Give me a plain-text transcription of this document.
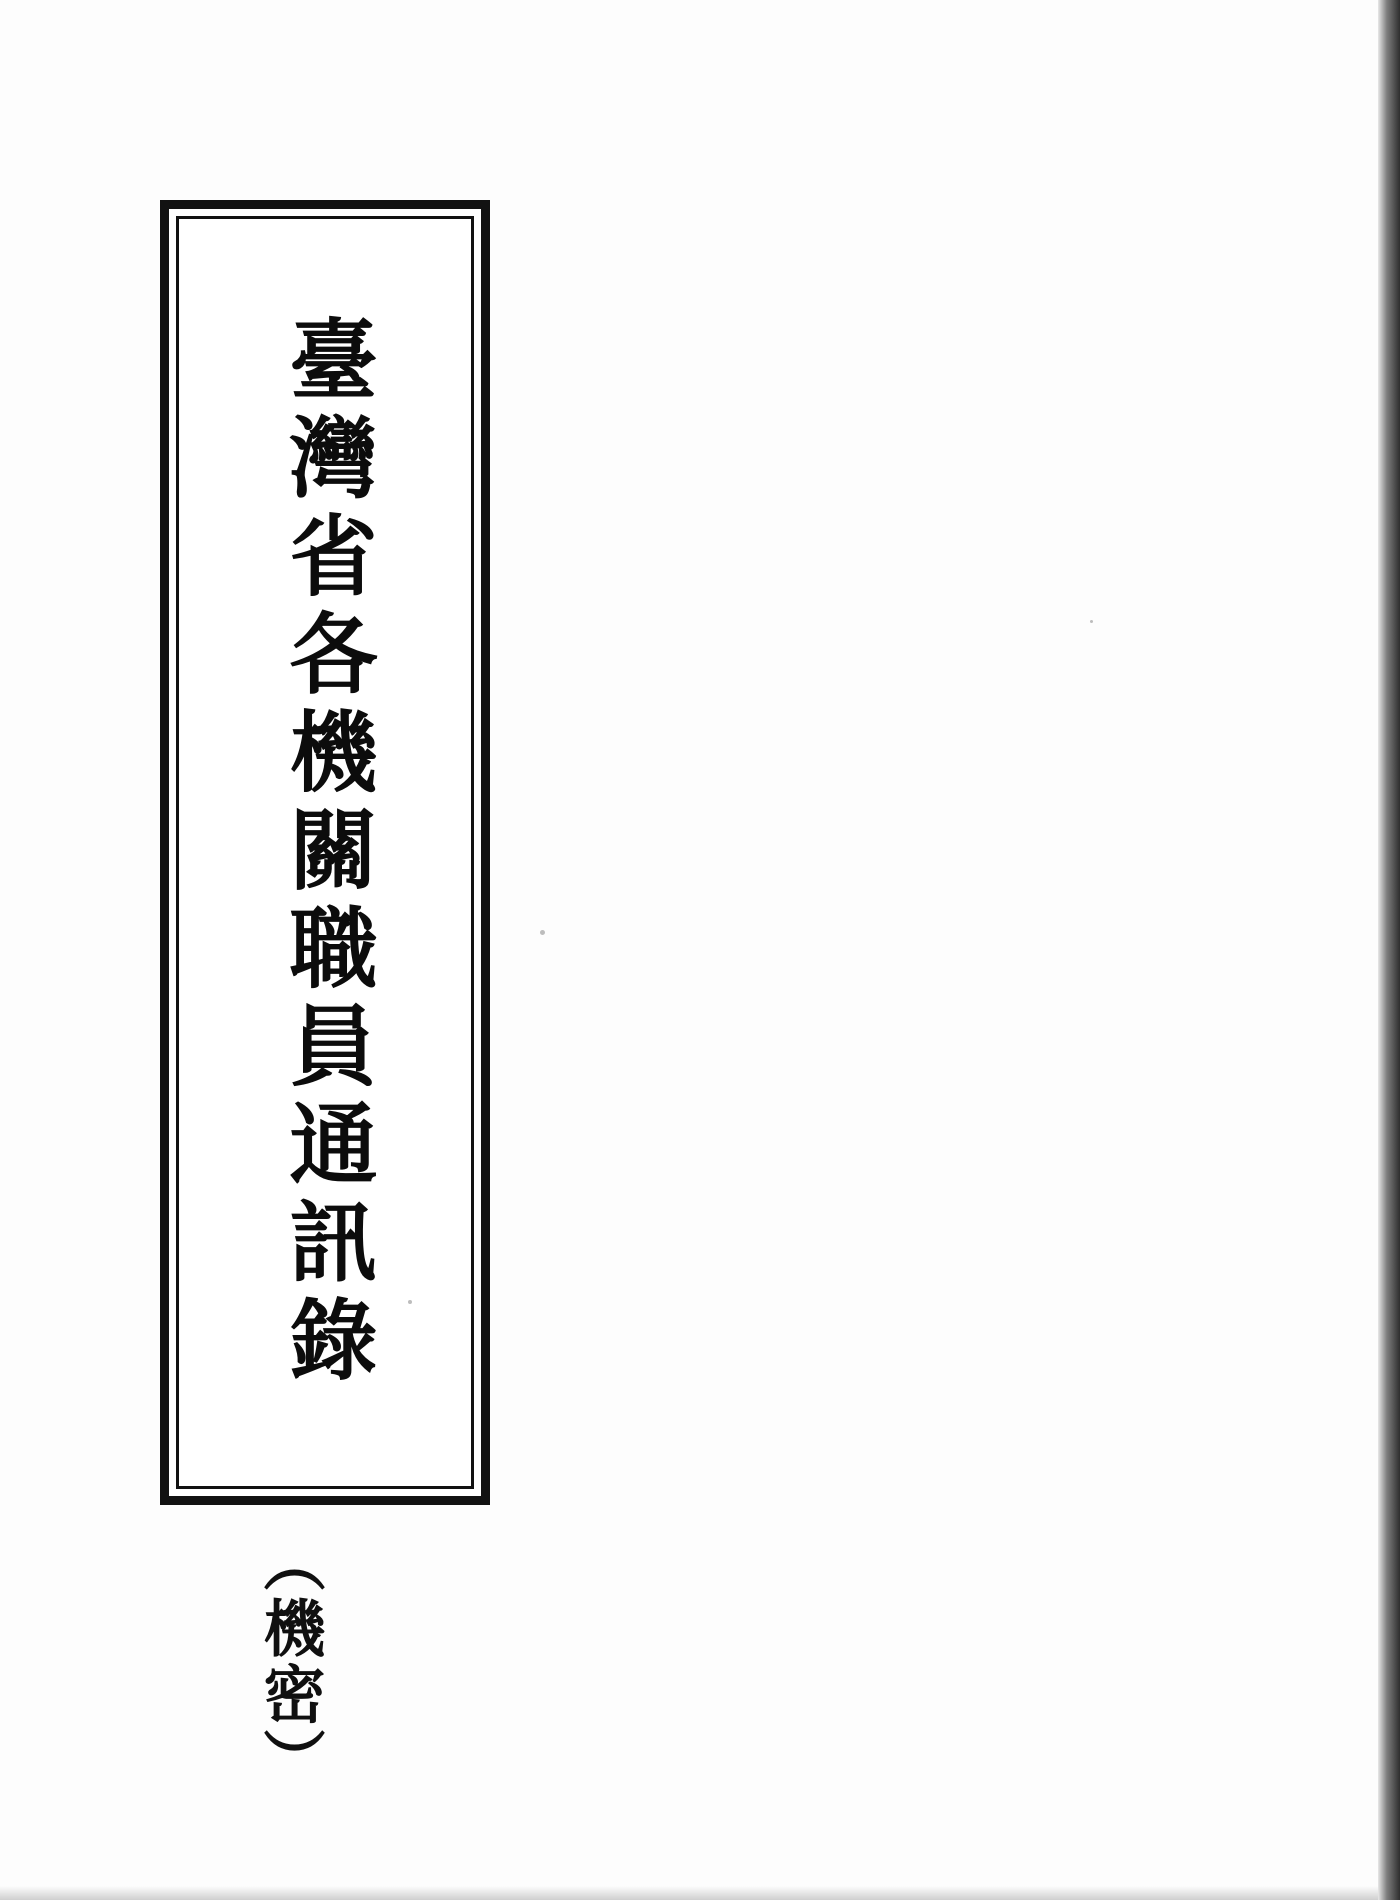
臺灣省各機關職員通訊錄
（機密）
